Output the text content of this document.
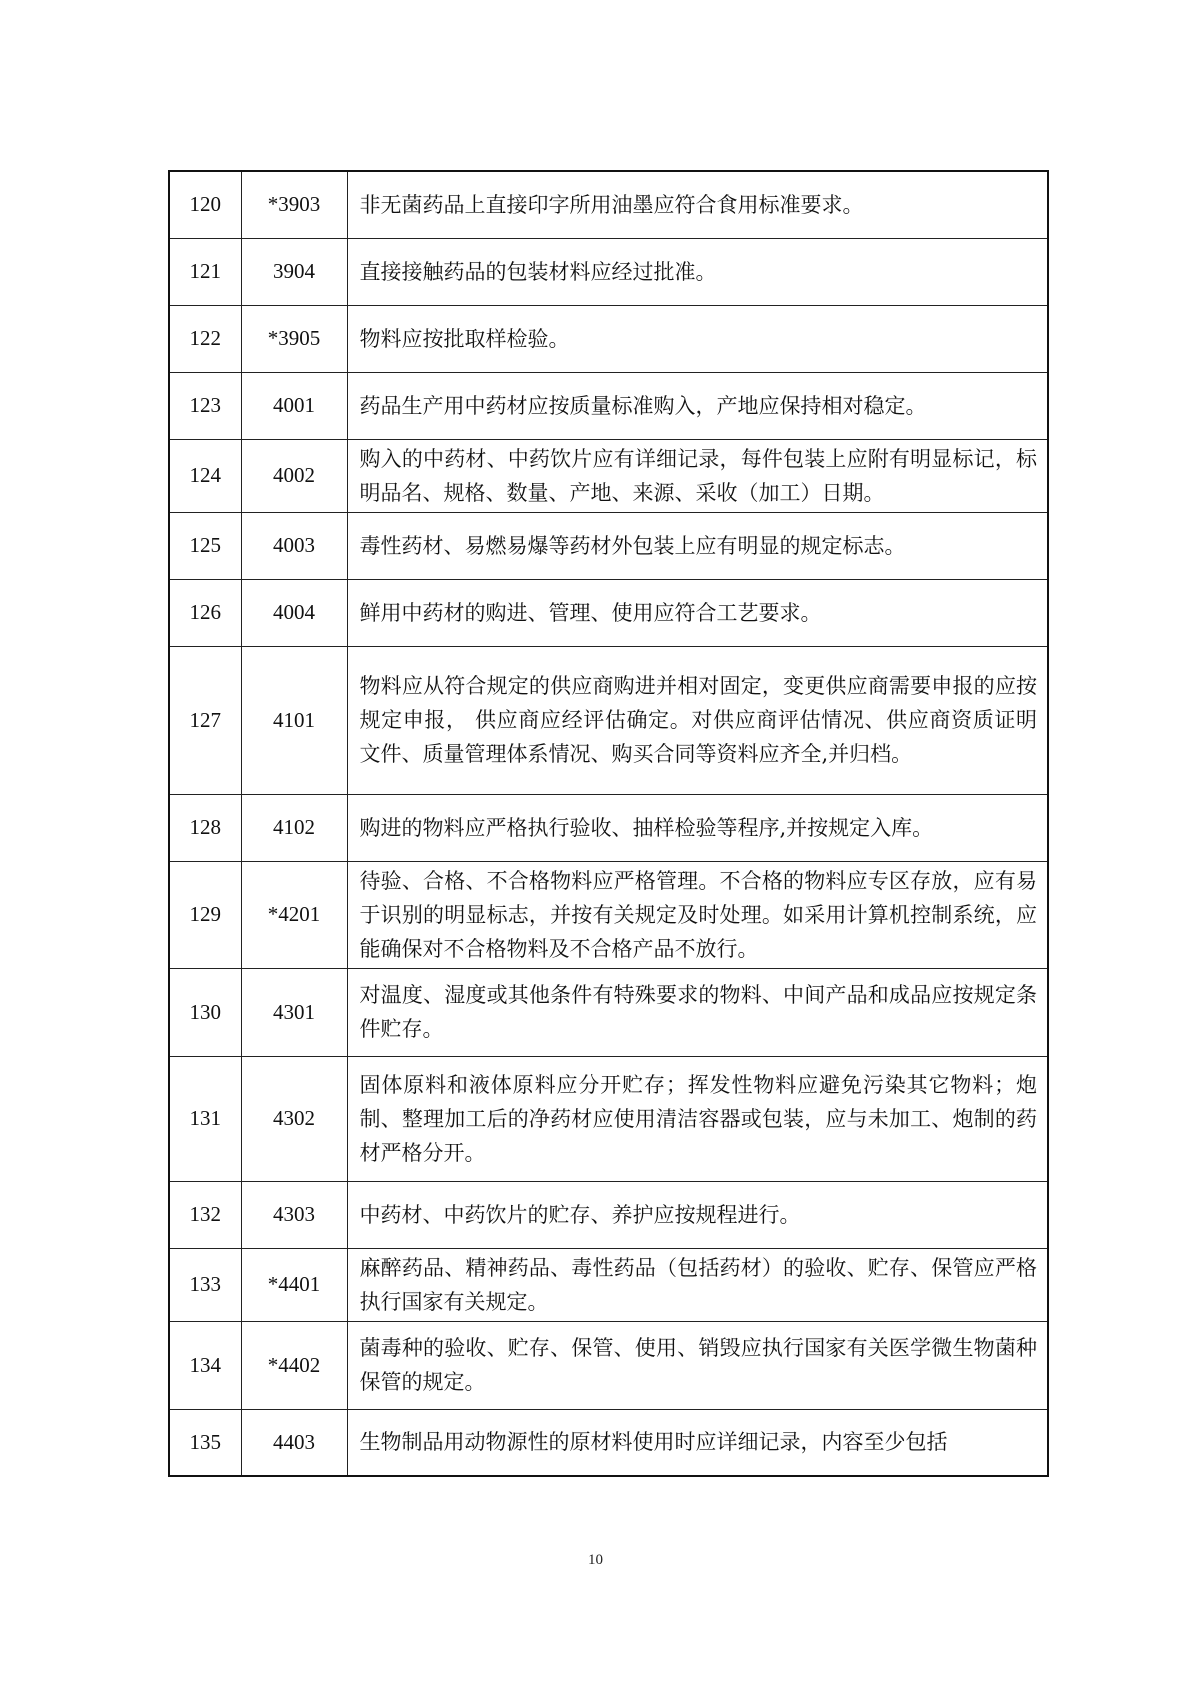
120	*3903	非无菌药品上直接印字所用油墨应符合食用标准要求。
121	3904	直接接触药品的包装材料应经过批准。
122	*3905	物料应按批取样检验。
123	4001	药品生产用中药材应按质量标准购入，产地应保持相对稳定。
124	4002	购入的中药材、中药饮片应有详细记录，每件包装上应附有明显标记，标明品名、规格、数量、产地、来源、采收（加工）日期。
125	4003	毒性药材、易燃易爆等药材外包装上应有明显的规定标志。
126	4004	鲜用中药材的购进、管理、使用应符合工艺要求。
127	4101	物料应从符合规定的供应商购进并相对固定，变更供应商需要申报的应按规定申报， 供应商应经评估确定。对供应商评估情况、供应商资质证明文件、质量管理体系情况、购买合同等资料应齐全,并归档。
128	4102	购进的物料应严格执行验收、抽样检验等程序,并按规定入库。
129	*4201	待验、合格、不合格物料应严格管理。不合格的物料应专区存放，应有易于识别的明显标志，并按有关规定及时处理。如采用计算机控制系统，应能确保对不合格物料及不合格产品不放行。
130	4301	对温度、湿度或其他条件有特殊要求的物料、中间产品和成品应按规定条件贮存。
131	4302	固体原料和液体原料应分开贮存；挥发性物料应避免污染其它物料；炮制、整理加工后的净药材应使用清洁容器或包装，应与未加工、炮制的药材严格分开。
132	4303	中药材、中药饮片的贮存、养护应按规程进行。
133	*4401	麻醉药品、精神药品、毒性药品（包括药材）的验收、贮存、保管应严格执行国家有关规定。
134	*4402	菌毒种的验收、贮存、保管、使用、销毁应执行国家有关医学微生物菌种保管的规定。
135	4403	生物制品用动物源性的原材料使用时应详细记录，内容至少包括
10
